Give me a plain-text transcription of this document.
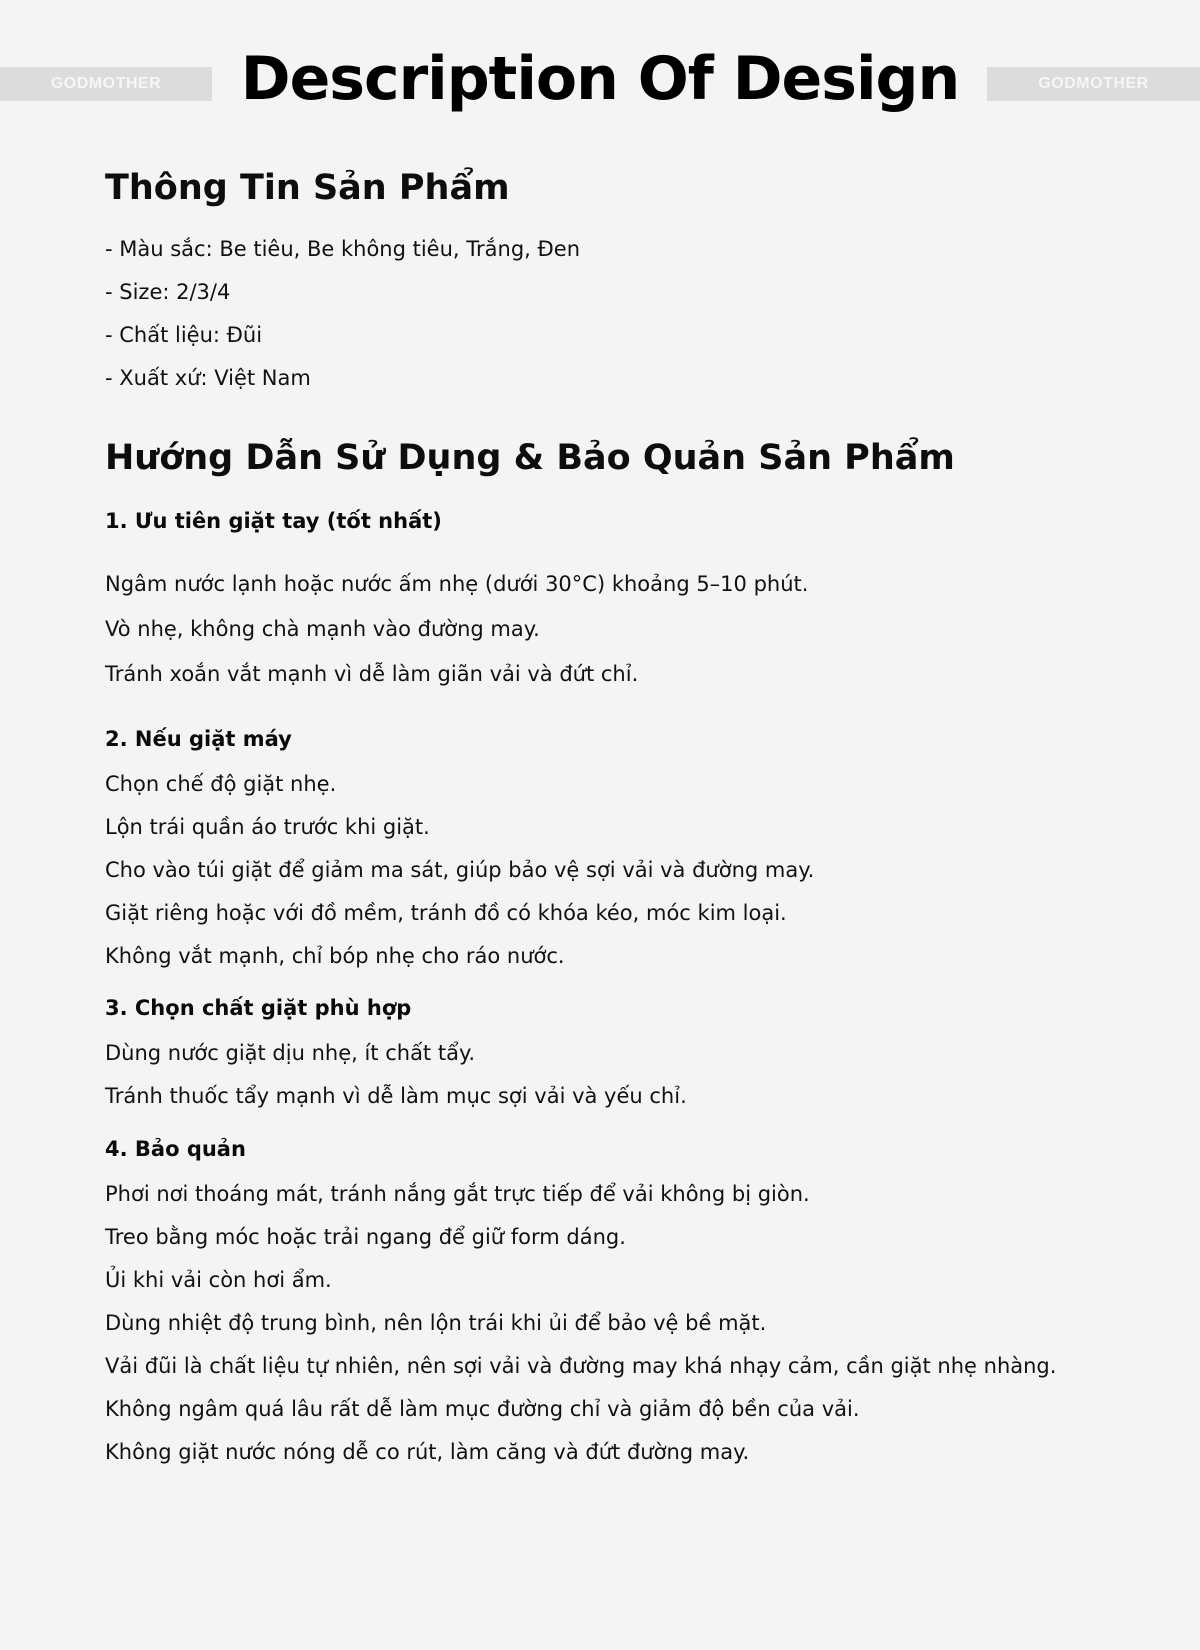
GODMOTHER	GODMOTHER
Description Of Design
Thông Tin Sản Phẩm
- Màu sắc: Be tiêu, Be không tiêu, Trắng, Đen
- Size: 2/3/4
- Chất liệu: Đũi
- Xuất xứ: Việt Nam
Hướng Dẫn Sử Dụng & Bảo Quản Sản Phẩm
1. Ưu tiên giặt tay (tốt nhất)
Ngâm nước lạnh hoặc nước ấm nhẹ (dưới 30°C) khoảng 5–10 phút.
Vò nhẹ, không chà mạnh vào đường may.
Tránh xoắn vắt mạnh vì dễ làm giãn vải và đứt chỉ.
2. Nếu giặt máy
Chọn chế độ giặt nhẹ.
Lộn trái quần áo trước khi giặt.
Cho vào túi giặt để giảm ma sát, giúp bảo vệ sợi vải và đường may.
Giặt riêng hoặc với đồ mềm, tránh đồ có khóa kéo, móc kim loại.
Không vắt mạnh, chỉ bóp nhẹ cho ráo nước.
3. Chọn chất giặt phù hợp
Dùng nước giặt dịu nhẹ, ít chất tẩy.
Tránh thuốc tẩy mạnh vì dễ làm mục sợi vải và yếu chỉ.
4. Bảo quản
Phơi nơi thoáng mát, tránh nắng gắt trực tiếp để vải không bị giòn.
Treo bằng móc hoặc trải ngang để giữ form dáng.
Ủi khi vải còn hơi ẩm.
Dùng nhiệt độ trung bình, nên lộn trái khi ủi để bảo vệ bề mặt.
Vải đũi là chất liệu tự nhiên, nên sợi vải và đường may khá nhạy cảm, cần giặt nhẹ nhàng.
Không ngâm quá lâu rất dễ làm mục đường chỉ và giảm độ bền của vải.
Không giặt nước nóng dễ co rút, làm căng và đứt đường may.
